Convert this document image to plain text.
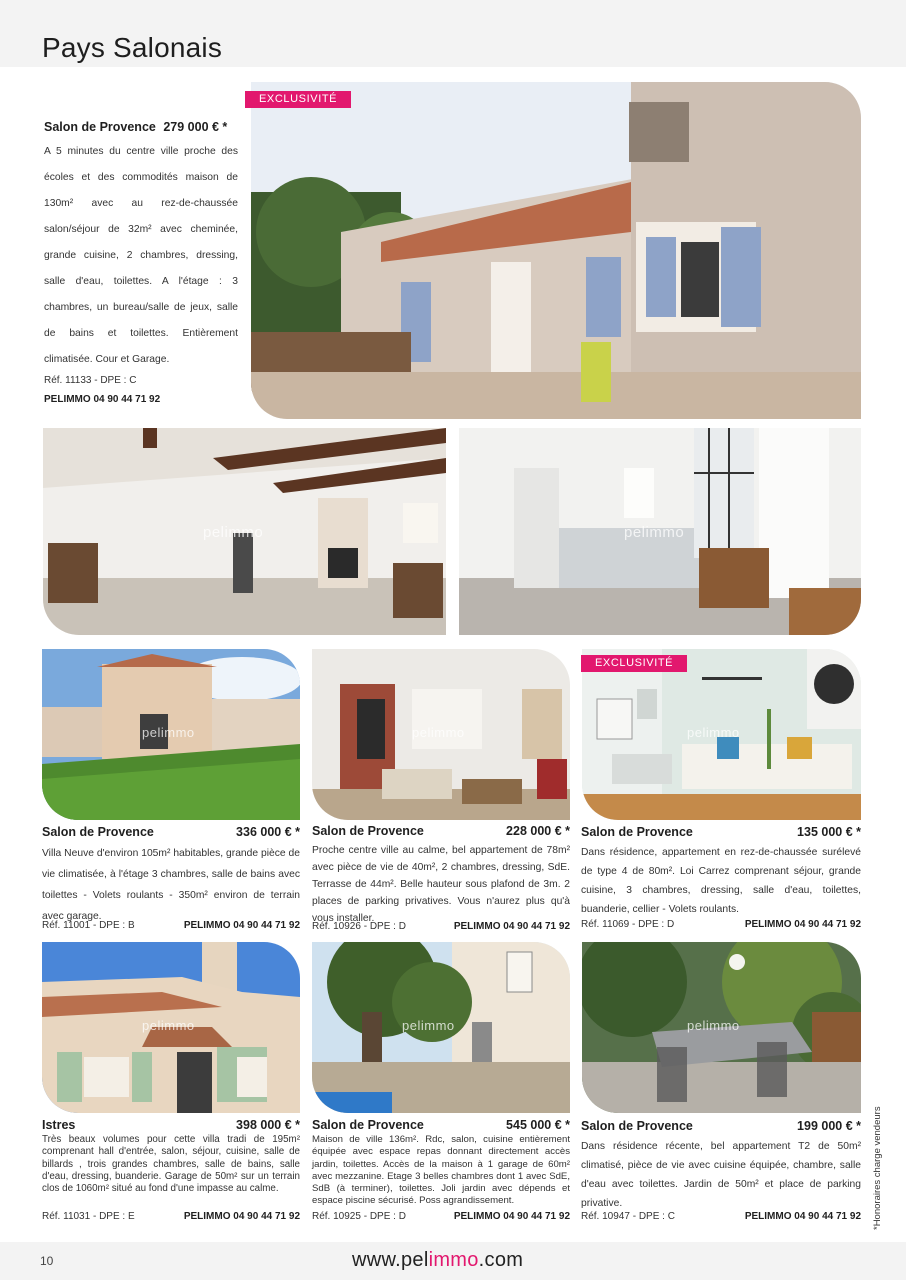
Pays Salonais
Salon de Provence 279 000 € *

A 5 minutes du centre ville proche des écoles et des commodités maison de 130m² avec au rez-de-chaussée salon/séjour de 32m² avec cheminée, grande cuisine, 2 chambres, dressing, salle d'eau, toilettes. A l'étage : 3 chambres, un bureau/salle de jeux, salle de bains et toilettes. Entièrement climatisée. Cour et Garage.

Réf. 11133 - DPE : C
PELIMMO 04 90 44 71 92
EXCLUSIVITÉ
pelimmo	pelimmo
pelimmo	pelimmo	pelimmo
EXCLUSIVITÉ
pelimmo	pelimmo	pelimmo
Salon de Provence	336 000 € *

Villa Neuve d'environ 105m² habitables, grande pièce de vie climatisée, à l'étage 3 chambres, salle de bains avec toilettes - Volets roulants - 350m² environ de terrain avec garage.

Réf. 11001 - DPE : B	PELIMMO 04 90 44 71 92
Salon de Provence	228 000 € *

Proche centre ville au calme, bel appartement de 78m² avec pièce de vie de 40m², 2 chambres, dressing, SdE. Terrasse de 44m². Belle hauteur sous plafond de 3m. 2 places de parking privatives. Vous n'aurez plus qu'à vous installer.

Réf. 10926 - DPE : D	PELIMMO 04 90 44 71 92
Salon de Provence	135 000 € *

Dans résidence, appartement en rez-de-chaussée surélevé de type 4 de 80m². Loi Carrez comprenant séjour, grande cuisine, 3 chambres, dressing, salle d'eau, toilettes, buanderie, cellier - Volets roulants.

Réf. 11069 - DPE : D	PELIMMO 04 90 44 71 92
Istres	398 000 € *

Très beaux volumes pour cette villa tradi de 195m² comprenant hall d'entrée, salon, séjour, cuisine, salle de billards , trois grandes chambres, salle de bains, salle d'eau, dressing, buanderie. Garage de 50m² sur un terrain clos de 1060m² situé au fond d'une impasse au calme.

Réf. 11031 - DPE : E	PELIMMO 04 90 44 71 92
Salon de Provence	545 000 € *

Maison de ville 136m². Rdc, salon, cuisine entièrement équipée avec espace repas donnant directement accès jardin, toilettes. Accès de la maison à 1 garage de 60m² avec mezzanine. Etage 3 belles chambres dont 1 avec SdE, SdB (à terminer), toilettes. Joli jardin avec dépends et espace piscine sécurisé. Poss agrandissement.

Réf. 10925 - DPE : D	PELIMMO 04 90 44 71 92
Salon de Provence	199 000 € *

Dans résidence récente, bel appartement T2 de 50m² climatisé, pièce de vie avec cuisine équipée, chambre, salle d'eau avec toilettes. Jardin de 50m² et place de parking privative.

Réf. 10947 - DPE : C	PELIMMO 04 90 44 71 92 *Honoraires charge vendeurs
10	www.pelimmo.com
